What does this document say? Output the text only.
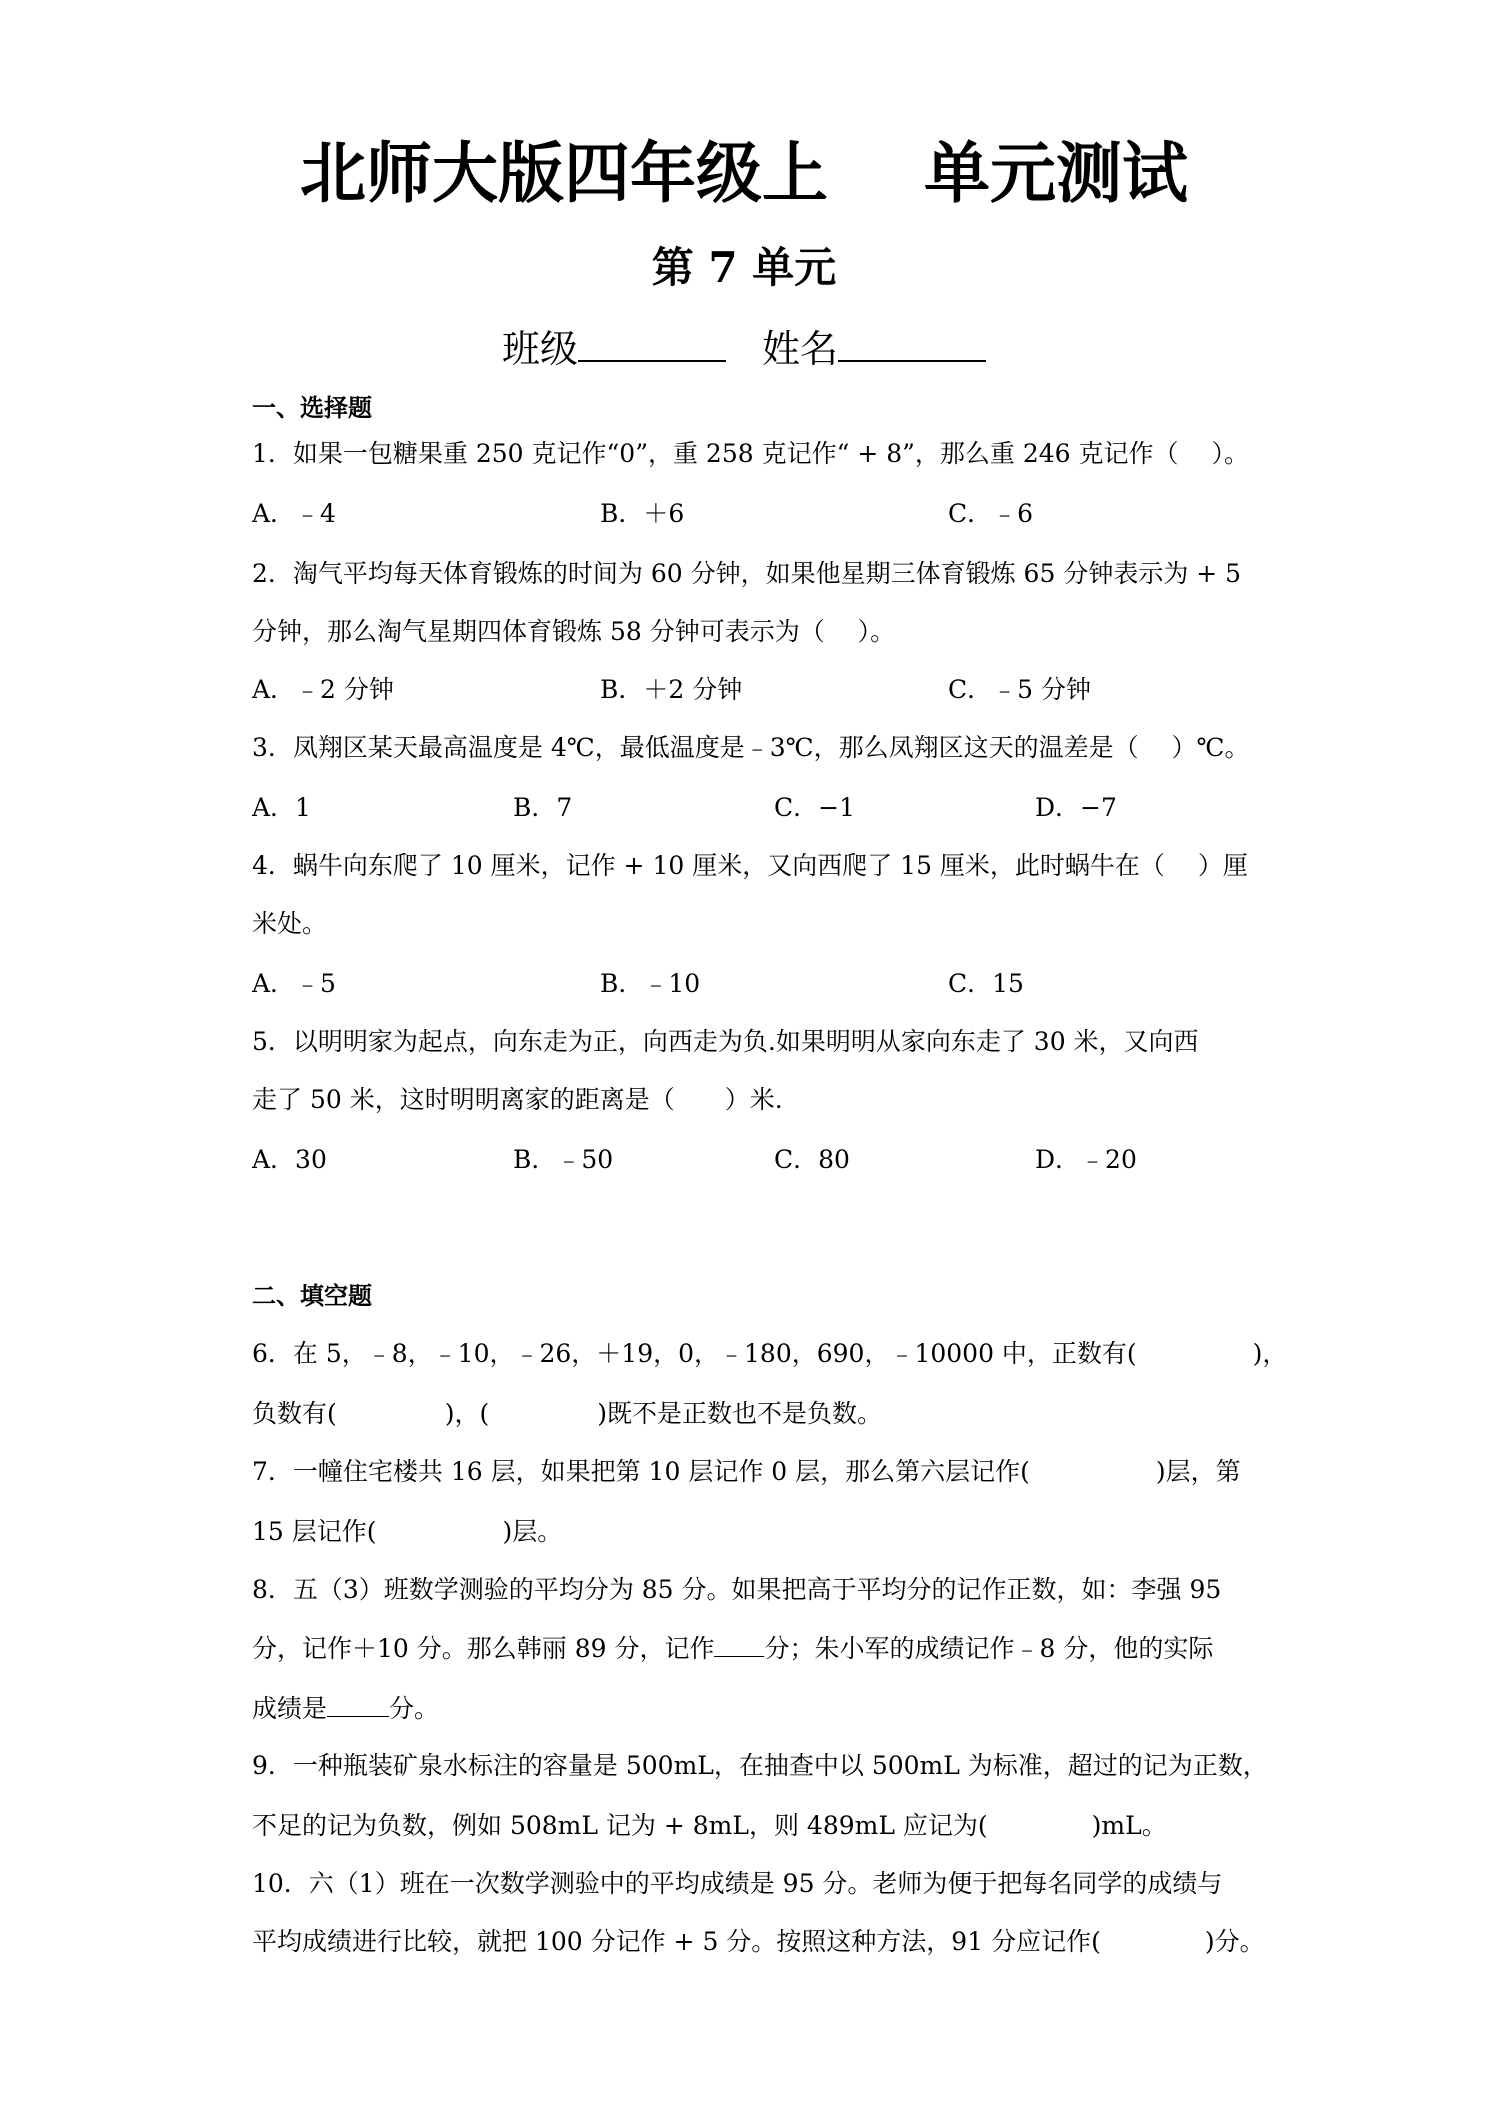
北师大版四年级上 单元测试
第 7 单元
班级	姓名
一、选择题
1．如果一包糖果重 250 克记作“0”，重 258 克记作“ + 8”，那么重 246 克记作（　 ）。
A．﹣4	B．＋6	C．﹣6
2．淘气平均每天体育锻炼的时间为 60 分钟，如果他星期三体育锻炼 65 分钟表示为 + 5
分钟，那么淘气星期四体育锻炼 58 分钟可表示为（　 ）。
A．﹣2 分钟	B．＋2 分钟	C．﹣5 分钟
3．凤翔区某天最高温度是 4℃，最低温度是﹣3℃，那么凤翔区这天的温差是（　 ）℃。
A．1	B．7	C．−1	D．−7
4．蜗牛向东爬了 10 厘米，记作 + 10 厘米，又向西爬了 15 厘米，此时蜗牛在（　 ）厘
米处。
A．﹣5	B．﹣10	C．15
5．以明明家为起点，向东走为正，向西走为负.如果明明从家向东走了 30 米，又向西
走了 50 米，这时明明离家的距离是（　　）米.
A．30	B．﹣50	C．80	D．﹣20
二、填空题
6．在 5，﹣8，﹣10，﹣26，＋19，0，﹣180，690，﹣10000 中，正数有(	)，
负数有(	)，(	)既不是正数也不是负数。
7．一幢住宅楼共 16 层，如果把第 10 层记作 0 层，那么第六层记作(	)层，第
15 层记作(	)层。
8．五（3）班数学测验的平均分为 85 分。如果把高于平均分的记作正数，如：李强 95
分，记作＋10 分。那么韩丽 89 分，记作 分；朱小军的成绩记作﹣8 分，他的实际
成绩是 分。
9．一种瓶装矿泉水标注的容量是 500mL，在抽查中以 500mL 为标准，超过的记为正数，
不足的记为负数，例如 508mL 记为 + 8mL，则 489mL 应记为(	)mL。
10．六（1）班在一次数学测验中的平均成绩是 95 分。老师为便于把每名同学的成绩与
平均成绩进行比较，就把 100 分记作 + 5 分。按照这种方法，91 分应记作(	)分。
